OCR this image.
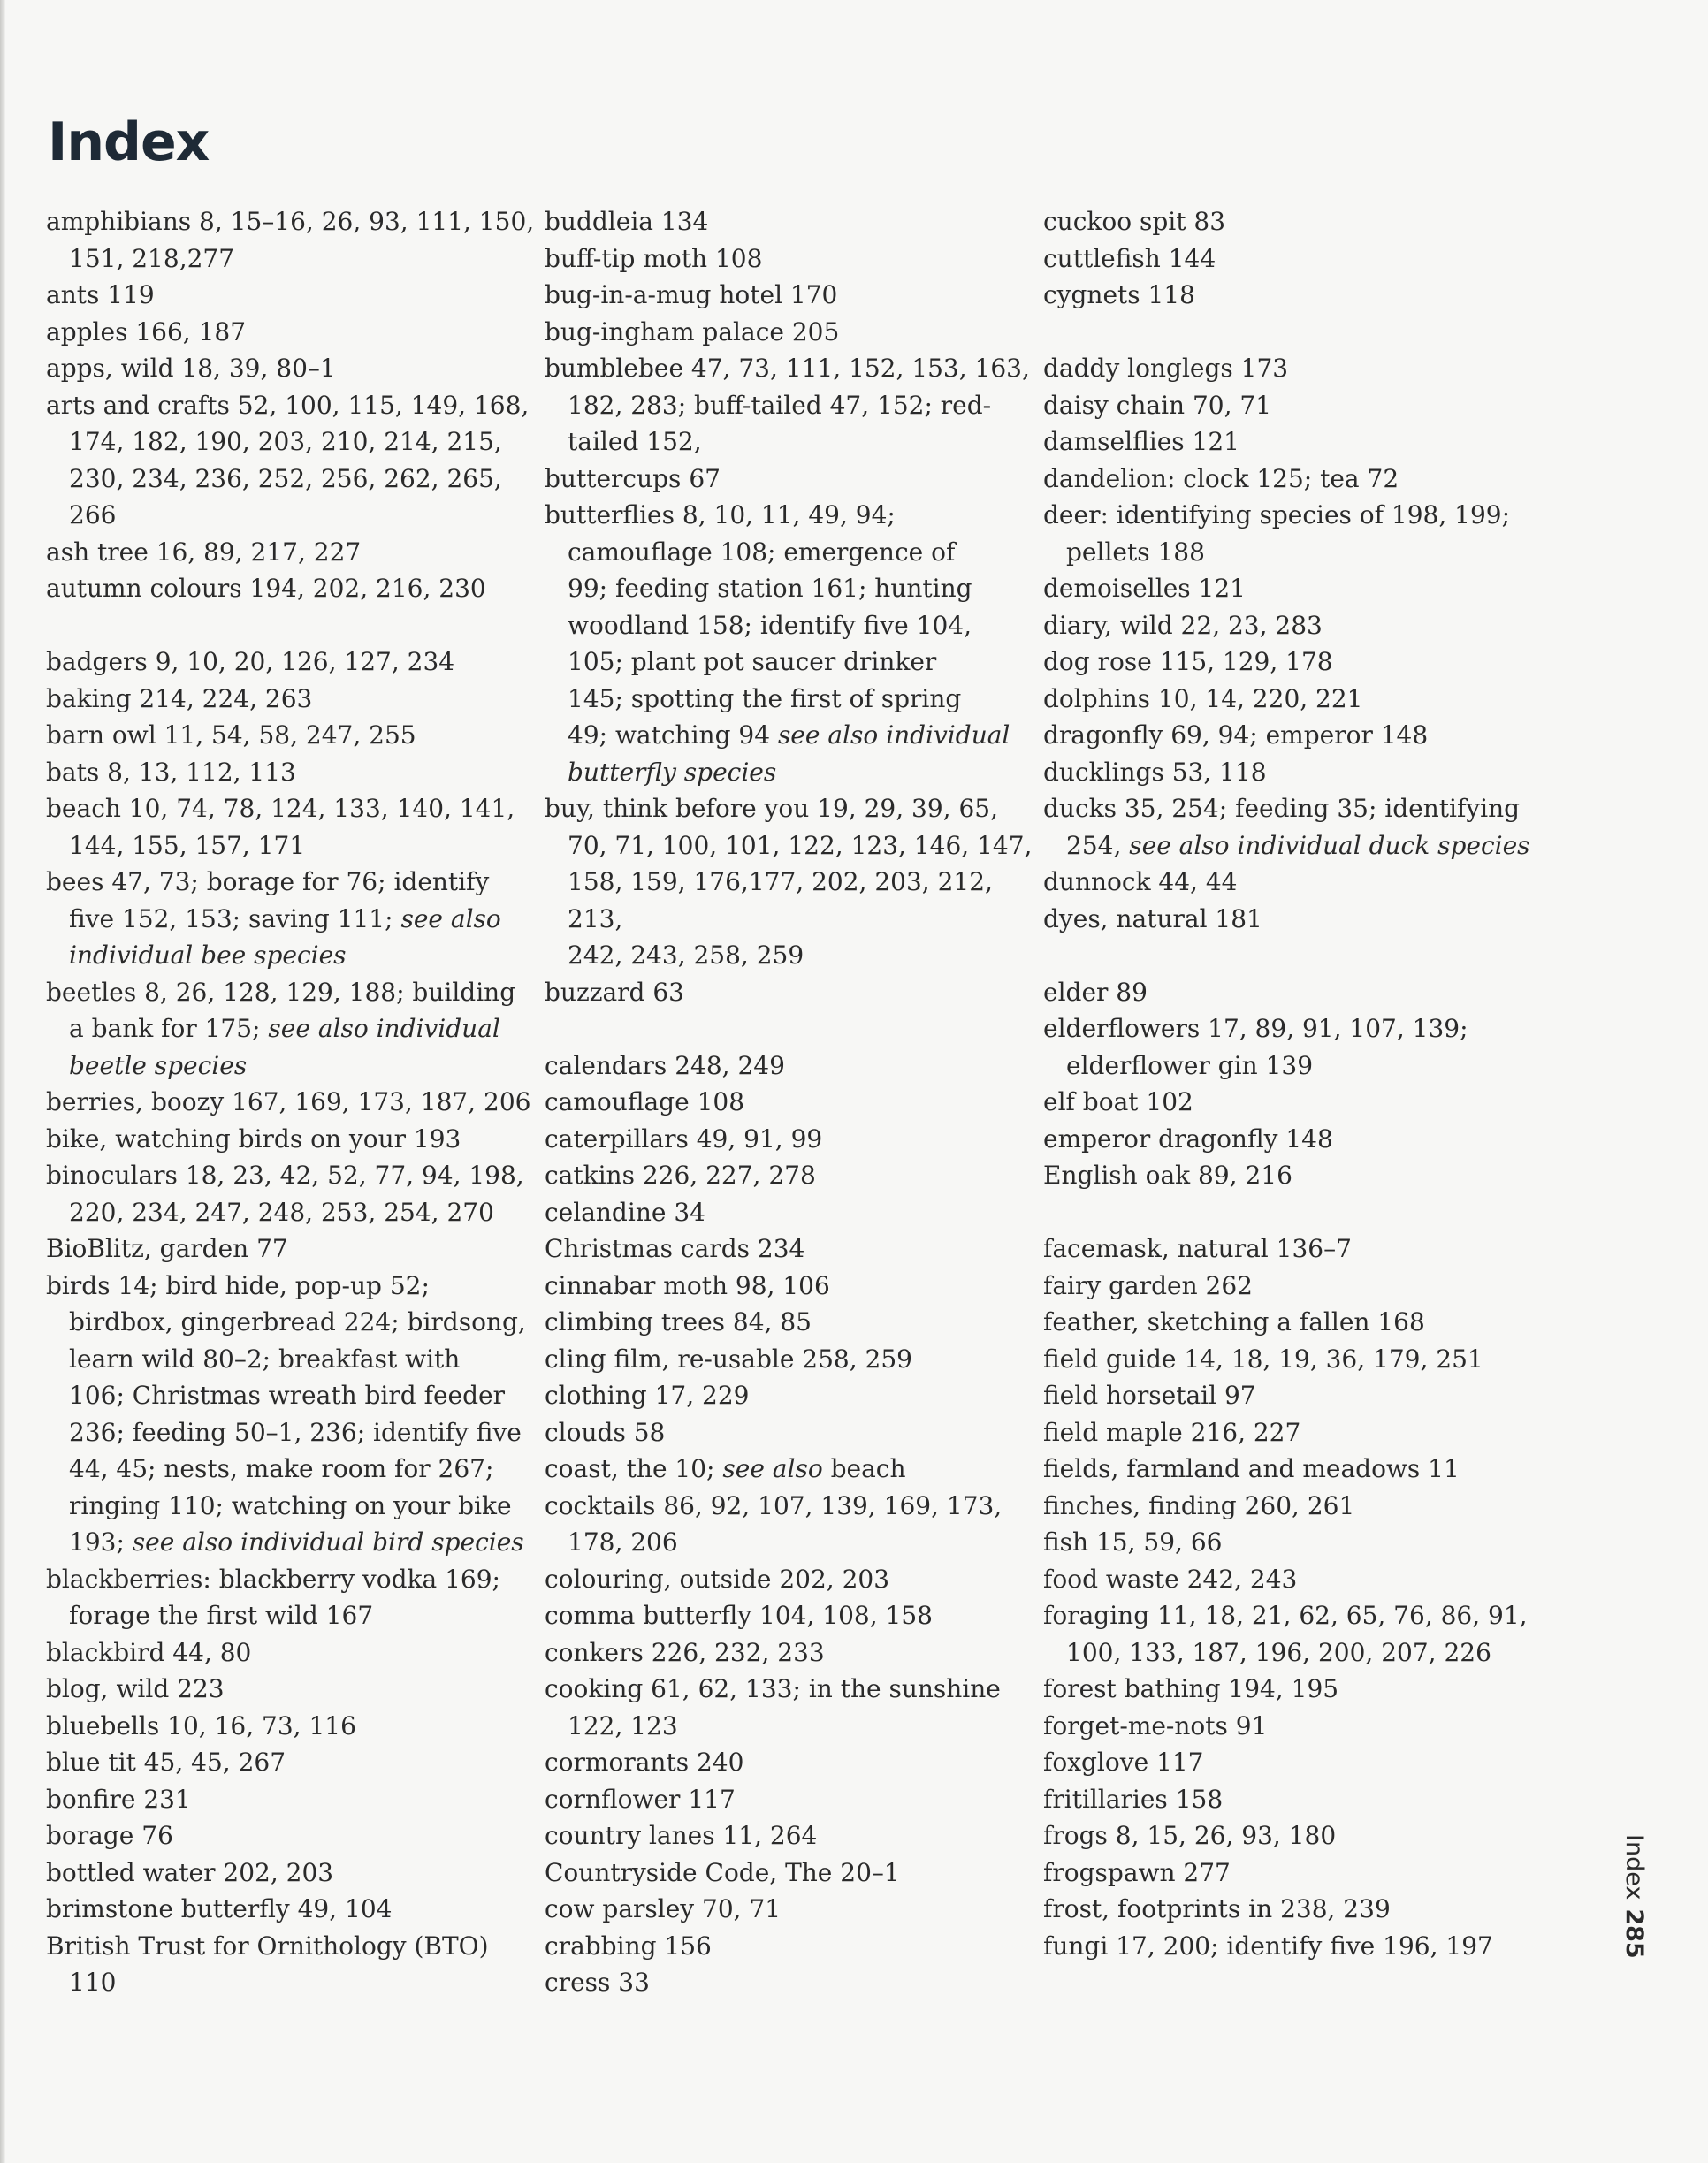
Index
amphibians 8, 15–16, 26, 93, 111, 150,
151, 218,277
ants 119
apples 166, 187
apps, wild 18, 39, 80–1
arts and crafts 52, 100, 115, 149, 168,
174, 182, 190, 203, 210, 214, 215,
230, 234, 236, 252, 256, 262, 265, 266
ash tree 16, 89, 217, 227
autumn colours 194, 202, 216, 230
badgers 9, 10, 20, 126, 127, 234
baking 214, 224, 263
barn owl 11, 54, 58, 247, 255
bats 8, 13, 112, 113
beach 10, 74, 78, 124, 133, 140, 141,
144, 155, 157, 171
bees 47, 73; borage for 76; identify
five 152, 153; saving 111; see also individual bee species
beetles 8, 26, 128, 129, 188; building
a bank for 175; see also individual beetle species
berries, boozy 167, 169, 173, 187, 206
bike, watching birds on your 193
binoculars 18, 23, 42, 52, 77, 94, 198,
220, 234, 247, 248, 253, 254, 270
BioBlitz, garden 77
birds 14; bird hide, pop-up 52;
birdbox, gingerbread 224; birdsong,
learn wild 80–2; breakfast with
106; Christmas wreath bird feeder
236; feeding 50–1, 236; identify five
44, 45; nests, make room for 267;
ringing 110; watching on your bike
193; see also individual bird species
blackberries: blackberry vodka 169;
forage the first wild 167
blackbird 44, 80
blog, wild 223
bluebells 10, 16, 73, 116
blue tit 45, 45, 267
bonfire 231
borage 76
bottled water 202, 203
brimstone butterfly 49, 104
British Trust for Ornithology (BTO)
110
buddleia 134
buff-tip moth 108
bug-in-a-mug hotel 170
bug-ingham palace 205
bumblebee 47, 73, 111, 152, 153, 163,
182, 283; buff-tailed 47, 152; red-
tailed 152,
buttercups 67
butterflies 8, 10, 11, 49, 94;
camouflage 108; emergence of
99; feeding station 161; hunting
woodland 158; identify five 104,
105; plant pot saucer drinker
145; spotting the first of spring
49; watching 94 see also individual butterfly species
buy, think before you 19, 29, 39, 65,
70, 71, 100, 101, 122, 123, 146, 147,
158, 159, 176,177, 202, 203, 212, 213,
242, 243, 258, 259
buzzard 63
calendars 248, 249
camouflage 108
caterpillars 49, 91, 99
catkins 226, 227, 278
celandine 34
Christmas cards 234
cinnabar moth 98, 106
climbing trees 84, 85
cling film, re-usable 258, 259
clothing 17, 229
clouds 58
coast, the 10; see also beach
cocktails 86, 92, 107, 139, 169, 173,
178, 206
colouring, outside 202, 203
comma butterfly 104, 108, 158
conkers 226, 232, 233
cooking 61, 62, 133; in the sunshine
122, 123
cormorants 240
cornflower 117
country lanes 11, 264
Countryside Code, The 20–1
cow parsley 70, 71
crabbing 156
cress 33
cuckoo spit 83
cuttlefish 144
cygnets 118
daddy longlegs 173
daisy chain 70, 71
damselflies 121
dandelion: clock 125; tea 72
deer: identifying species of 198, 199;
pellets 188
demoiselles 121
diary, wild 22, 23, 283
dog rose 115, 129, 178
dolphins 10, 14, 220, 221
dragonfly 69, 94; emperor 148
ducklings 53, 118
ducks 35, 254; feeding 35; identifying
254, see also individual duck species
dunnock 44, 44
dyes, natural 181
elder 89
elderflowers 17, 89, 91, 107, 139;
elderflower gin 139
elf boat 102
emperor dragonfly 148
English oak 89, 216
facemask, natural 136–7
fairy garden 262
feather, sketching a fallen 168
field guide 14, 18, 19, 36, 179, 251
field horsetail 97
field maple 216, 227
fields, farmland and meadows 11
finches, finding 260, 261
fish 15, 59, 66
food waste 242, 243
foraging 11, 18, 21, 62, 65, 76, 86, 91,
100, 133, 187, 196, 200, 207, 226
forest bathing 194, 195
forget-me-nots 91
foxglove 117
fritillaries 158
frogs 8, 15, 26, 93, 180
frogspawn 277
frost, footprints in 238, 239
fungi 17, 200; identify five 196, 197
Index285
